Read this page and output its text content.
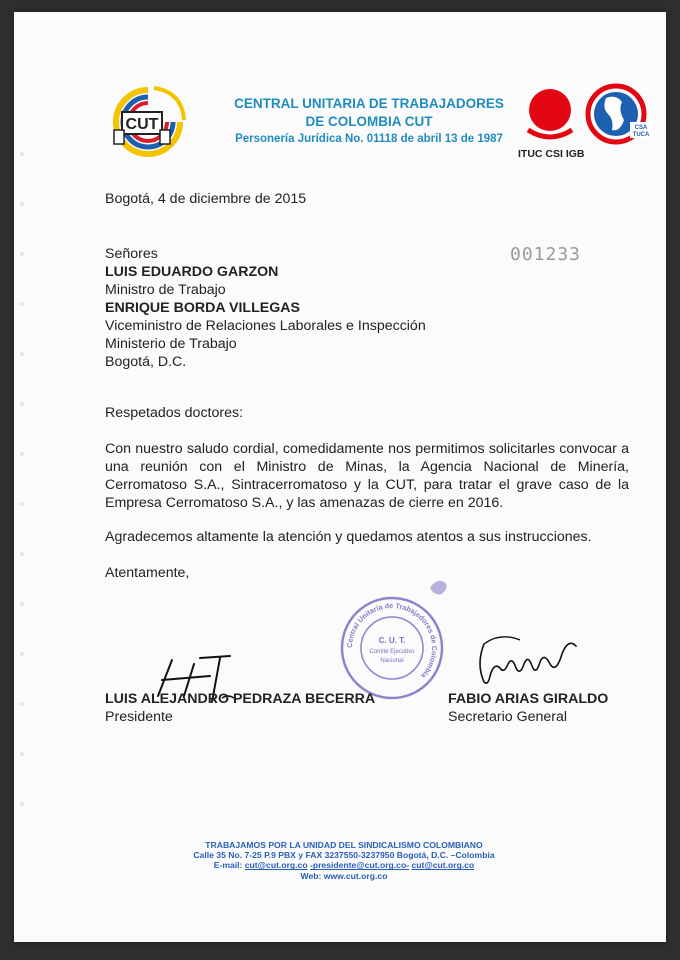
CUT
CENTRAL UNITARIA DE TRABAJADORES
DE COLOMBIA CUT
Personería Jurídica No. 01118 de abril 13 de 1987
ITUC CSI IGB
CSA
TUCA
Bogotá, 4 de diciembre de 2015
Señores
LUIS EDUARDO GARZON
Ministro de Trabajo
ENRIQUE BORDA VILLEGAS
Viceministro de Relaciones Laborales e Inspección
Ministerio de Trabajo
Bogotá, D.C.
001233
Respetados doctores:
Con nuestro saludo cordial, comedidamente nos permitimos solicitarles convocar a una reunión con el Ministro de Minas, la Agencia Nacional de Minería, Cerromatoso S.A., Sintracerromatoso y la CUT, para tratar el grave caso de la Empresa Cerromatoso S.A., y las amenazas de cierre en 2016.
Agradecemos altamente la atención y quedamos atentos a sus instrucciones.
Atentamente,
Central Unitaria de Trabajadores de Colombia
C. U. T.
Comité Ejecutivo
Nacional
LUIS ALEJANDRO PEDRAZA BECERRA
Presidente
FABIO ARIAS GIRALDO
Secretario General
TRABAJAMOS POR LA UNIDAD DEL SINDICALISMO COLOMBIANO
Calle 35 No. 7-25 P.9 PBX y FAX 3237550-3237950 Bogotá, D.C. –Colombia
E-mail: cut@cut.org.co -presidente@cut.org.co- cut@cut.org.co
Web: www.cut.org.co
